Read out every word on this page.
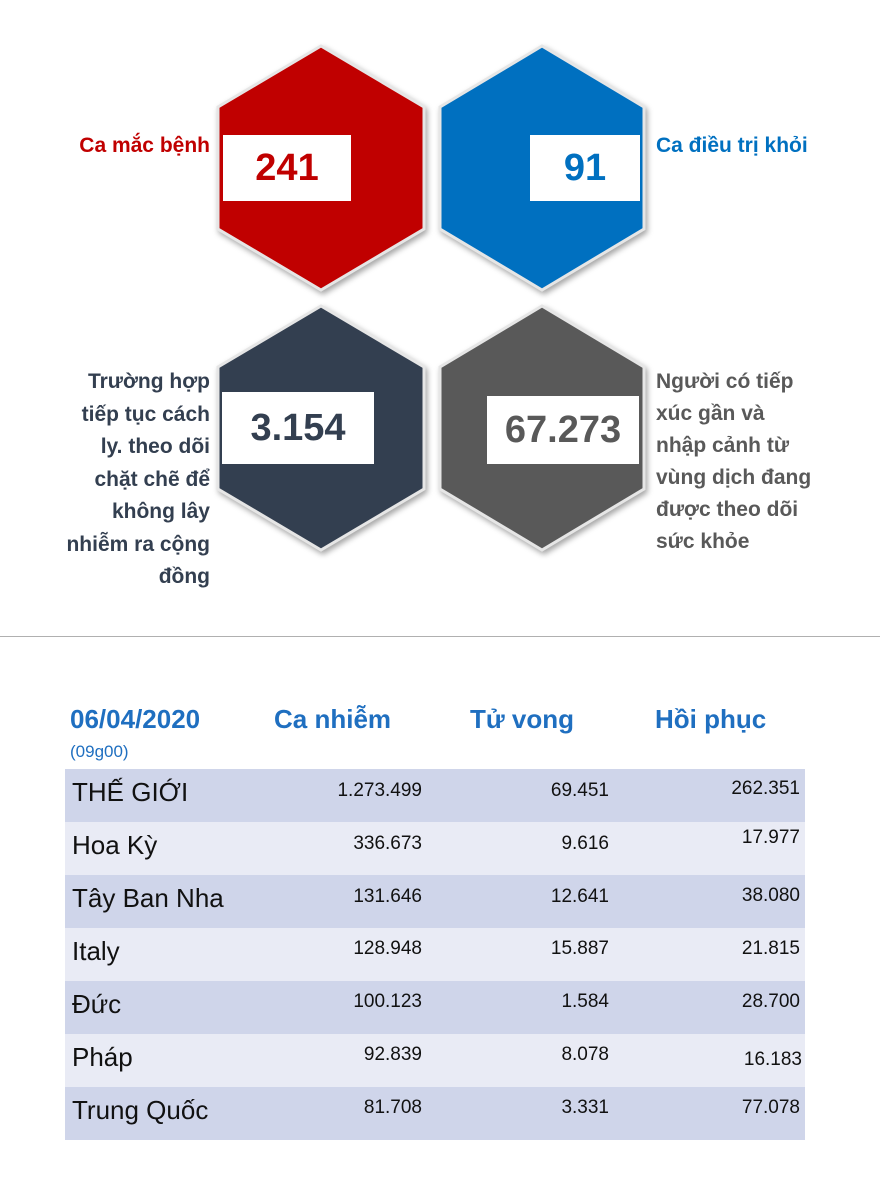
241	91
3.154	67.273
Ca mắc bệnh	Ca điều trị khỏi
Trường hợp
tiếp tục cách
ly. theo dõi
chặt chẽ để
không lây
nhiễm ra cộng
đồng
Người có tiếp
xúc gần và
nhập cảnh từ
vùng dịch đang
được theo dõi
sức khỏe
06/04/2020
(09g00)
Ca nhiễm	Tử vong	Hồi phục
THẾ GIỚI	1.273.499	69.451	262.351
Hoa Kỳ	336.673	9.616	17.977
Tây Ban Nha	131.646	12.641	38.080
Italy	128.948	15.887	21.815
Đức	100.123	1.584	28.700
Pháp	92.839	8.078	16.183
Trung Quốc	81.708	3.331	77.078
